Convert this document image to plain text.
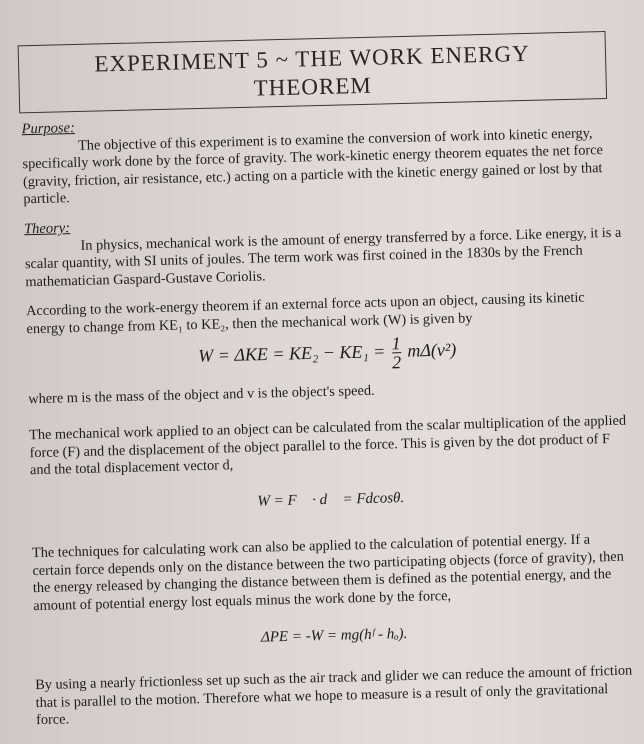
EXPERIMENT 5 ~ THE WORK ENERGY
THEOREM
Purpose: The objective of this experiment is to examine the conversion of work into kinetic energy, specifically work done by the force of gravity. The work-kinetic energy theorem equates the net force (gravity, friction, air resistance, etc.) acting on a particle with the kinetic energy gained or lost by that particle.
Theory: In physics, mechanical work is the amount of energy transferred by a force. Like energy, it is a scalar quantity, with SI units of joules. The term work was first coined in the 1830s by the French mathematician Gaspard-Gustave Coriolis.
According to the work-energy theorem if an external force acts upon an object, causing its kinetic energy to change from KE₁ to KE₂, then the mechanical work (W) is given by
$W = \Delta KE = KE_2 - KE_1 = \frac{1}{2} m\Delta(v^2)$
where m is the mass of the object and v is the object's speed.
The mechanical work applied to an object can be calculated from the scalar multiplication of the applied force (F) and the displacement of the object parallel to the force. This is given by the dot product of F and the total displacement vector d,
W = F⃗ · d⃗ = Fdcosθ.
The techniques for calculating work can also be applied to the calculation of potential energy. If a certain force depends only on the distance between the two participating objects (force of gravity), then the energy released by changing the distance between them is defined as the potential energy, and the amount of potential energy lost equals minus the work done by the force,
ΔPE = -W = mg(hᶠ - hₒ).
By using a nearly frictionless set up such as the air track and glider we can reduce the amount of friction that is parallel to the motion. Therefore what we hope to measure is a result of only the gravitational force.
